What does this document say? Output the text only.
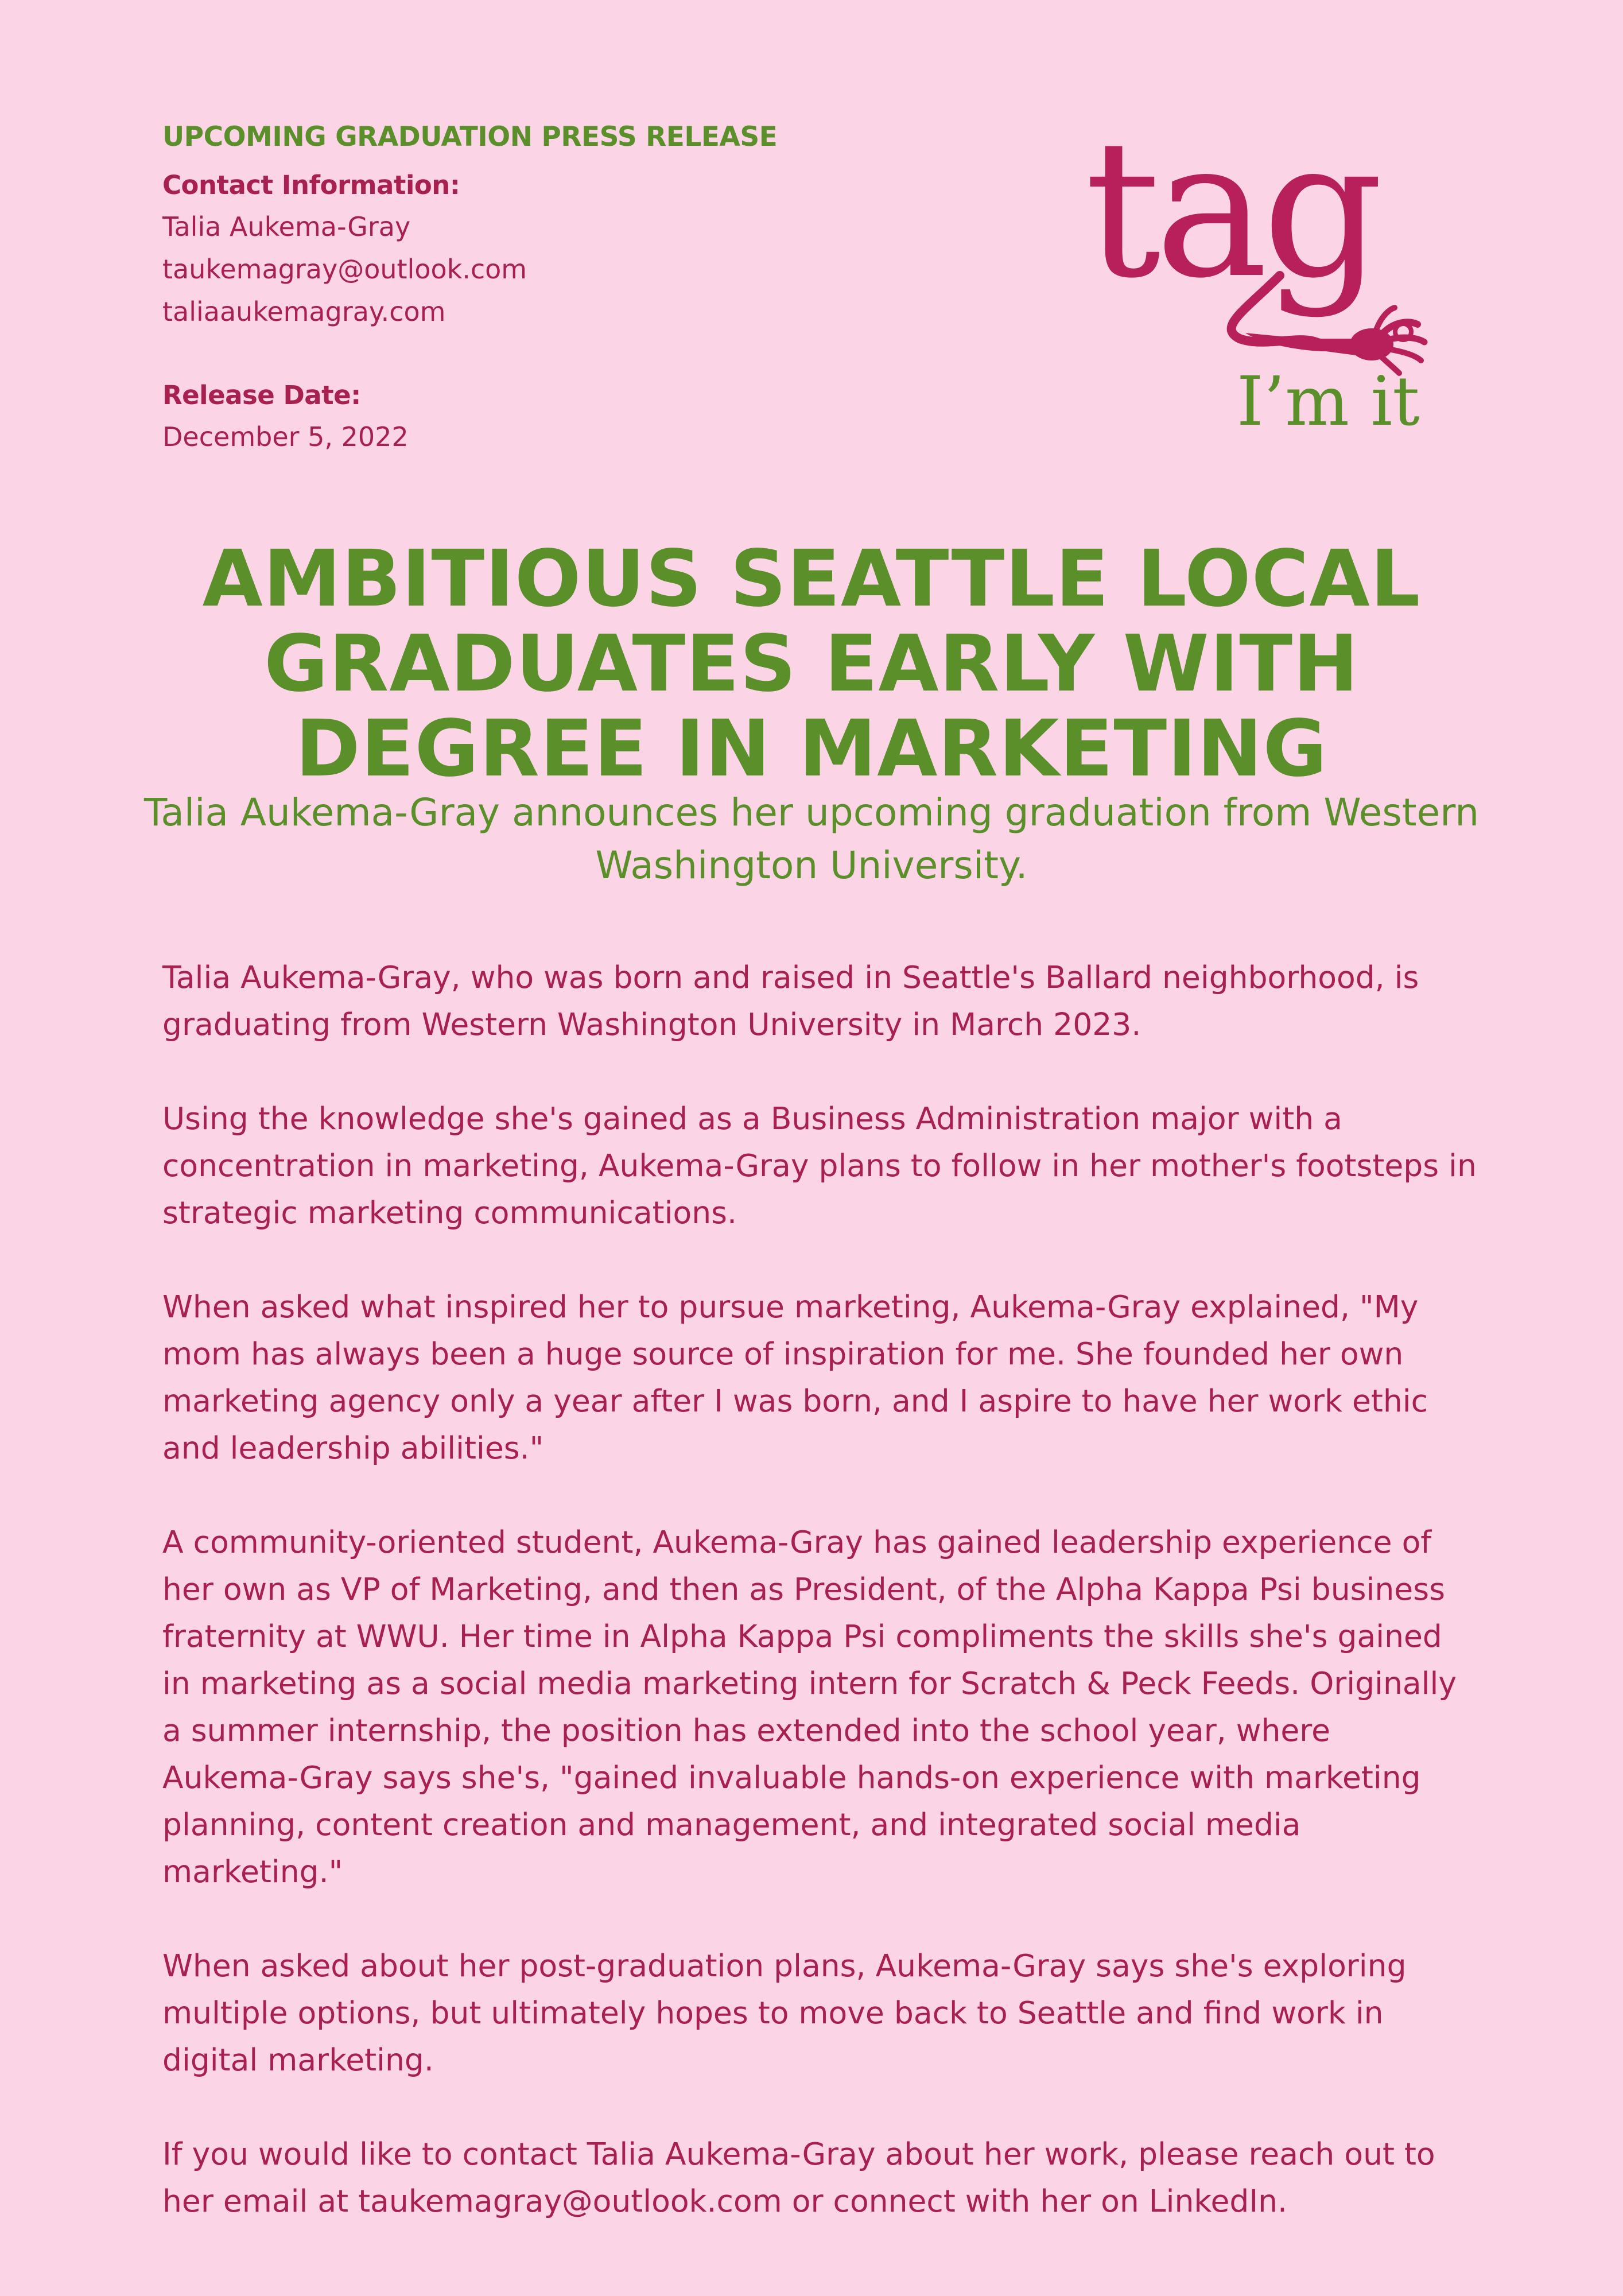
UPCOMING GRADUATION PRESS RELEASE

Contact Information:

Talia Aukema-Gray

taukemagray@outlook.com

taliaaukemagray.com

Release Date:

December 5, 2022

tag
I’m it
AMBITIOUS SEATTLE LOCAL
GRADUATES EARLY WITH
DEGREE IN MARKETING

Talia Aukema-Gray announces her upcoming graduation from Western Washington University.

Talia Aukema-Gray, who was born and raised in Seattle's Ballard neighborhood, is graduating from Western Washington University in March 2023.

Using the knowledge she's gained as a Business Administration major with a concentration in marketing, Aukema-Gray plans to follow in her mother's footsteps in strategic marketing communications.

When asked what inspired her to pursue marketing, Aukema-Gray explained, "My mom has always been a huge source of inspiration for me. She founded her own marketing agency only a year after I was born, and I aspire to have her work ethic and leadership abilities."

A community-oriented student, Aukema-Gray has gained leadership experience of her own as VP of Marketing, and then as President, of the Alpha Kappa Psi business fraternity at WWU. Her time in Alpha Kappa Psi compliments the skills she's gained in marketing as a social media marketing intern for Scratch & Peck Feeds. Originally a summer internship, the position has extended into the school year, where Aukema-Gray says she's, "gained invaluable hands-on experience with marketing planning, content creation and management, and integrated social media marketing."

When asked about her post-graduation plans, Aukema-Gray says she's exploring multiple options, but ultimately hopes to move back to Seattle and find work in digital marketing.

If you would like to contact Talia Aukema-Gray about her work, please reach out to her email at taukemagray@outlook.com or connect with her on LinkedIn.
